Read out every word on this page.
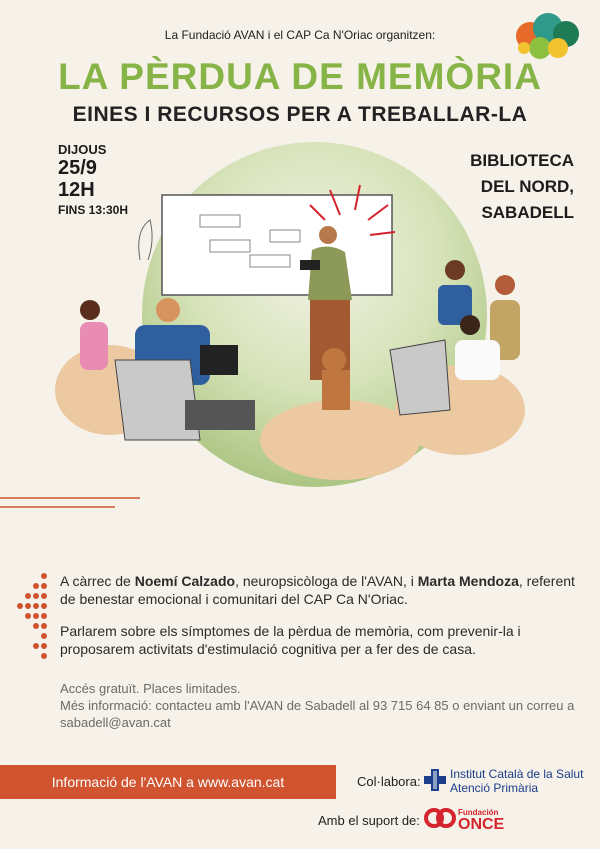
La Fundació AVAN i el CAP Ca N'Oriac organitzen:
LA PÈRDUA DE MEMÒRIA
EINES I RECURSOS PER A TREBALLAR-LA
DIJOUS
25/9
12H
FINS 13:30H
BIBLIOTECA
DEL NORD,
SABADELL

A càrrec de Noemí Calzado, neuropsicòloga de l'AVAN, i Marta Mendoza, referent de benestar emocional i comunitari del CAP Ca N'Oriac.

Parlarem sobre els símptomes de la pèrdua de memòria, com prevenir-la i proposarem activitats d'estimulació cognitiva per a fer des de casa.

Accés gratuït. Places limitades.
Més informació: contacteu amb l'AVAN de Sabadell al 93 715 64 85 o enviant un correu a sabadell@avan.cat
Informació de l'AVAN a www.avan.cat	Col·labora: Institut Català de la Salut
Atenció Primària
Amb el suport de:
Fundación
ONCE
